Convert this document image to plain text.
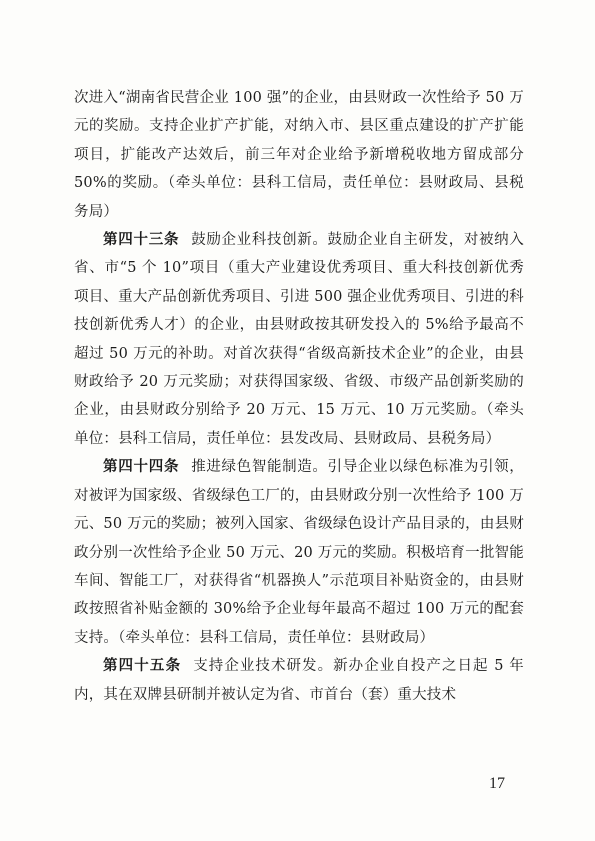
次进入“湖南省民营企业 100 强”的企业，由县财政一次性给予 50 万元的奖励。支持企业扩产扩能，对纳入市、县区重点建设的扩产扩能项目，扩能改产达效后，前三年对企业给予新增税收地方留成部分 50%的奖励。（牵头单位：县科工信局，责任单位：县财政局、县税务局）

第四十三条 鼓励企业科技创新。鼓励企业自主研发，对被纳入省、市“5 个 10”项目（重大产业建设优秀项目、重大科技创新优秀项目、重大产品创新优秀项目、引进 500 强企业优秀项目、引进的科技创新优秀人才）的企业，由县财政按其研发投入的 5%给予最高不超过 50 万元的补助。对首次获得“省级高新技术企业”的企业，由县财政给予 20 万元奖励；对获得国家级、省级、市级产品创新奖励的企业，由县财政分别给予 20 万元、15 万元、10 万元奖励。（牵头单位：县科工信局，责任单位：县发改局、县财政局、县税务局）

第四十四条 推进绿色智能制造。引导企业以绿色标准为引领，对被评为国家级、省级绿色工厂的，由县财政分别一次性给予 100 万元、50 万元的奖励；被列入国家、省级绿色设计产品目录的，由县财政分别一次性给予企业 50 万元、20 万元的奖励。积极培育一批智能车间、智能工厂，对获得省“机器换人”示范项目补贴资金的，由县财政按照省补贴金额的 30%给予企业每年最高不超过 100 万元的配套支持。（牵头单位：县科工信局，责任单位：县财政局）

第四十五条 支持企业技术研发。新办企业自投产之日起 5 年内，其在双牌县研制并被认定为省、市首台（套）重大技术

17
